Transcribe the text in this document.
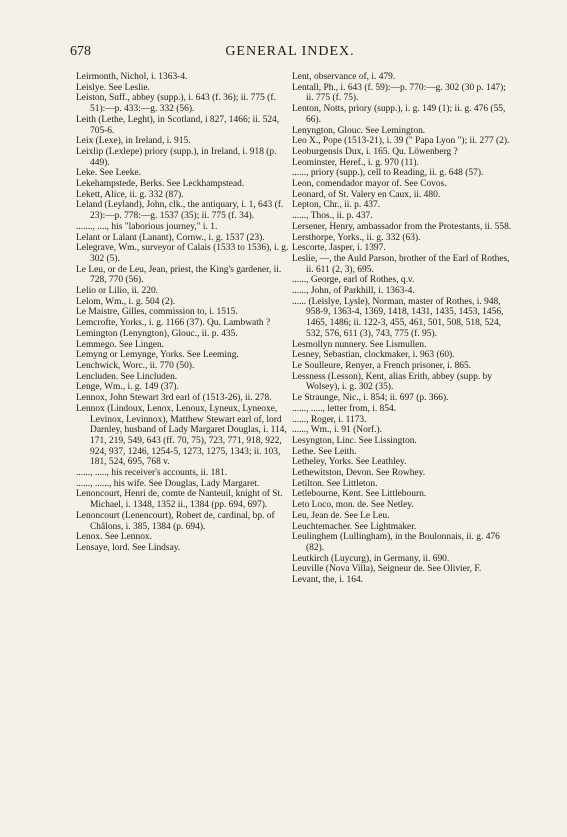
678	GENERAL INDEX.

Leirmonth, Nichol, i. 1363-4.

Leislye. See Leslie.

Leiston, Suff., abbey (supp.), i. 643 (f. 36); ii. 775 (f. 51):—p. 433:—g. 332 (56).

Leith (Lethe, Leght), in Scotland, i 827, 1466; ii. 524, 705-6.

Leix (Lexe), in Ireland, i. 915.

Leixlip (Lexlepe) priory (supp.), in Ireland, i. 918 (p. 449).

Leke. See Leeke.

Lekehampstede, Berks. See Leckhampstead.

Lekett, Alice, ii. g. 332 (87).

Leland (Leyland), John, clk., the antiquary, i. 1, 643 (f. 23):—p. 778:—g. 1537 (35); ii. 775 (f. 34).

......., ...., his "laborious journey," i. 1.

Lelant or Lalant (Lanant), Cornw., i. g. 1537 (23).

Lelegrave, Wm., surveyor of Calais (1533 to 1536), i. g. 302 (5).

Le Leu, or de Leu, Jean, priest, the King's gardener, ii. 728, 770 (56).

Lelio or Lilio, ii. 220.

Lelom, Wm., i. g. 504 (2).

Le Maistre, Gilles, commission to, i. 1515.

Lemcrofte, Yorks., i. g. 1166 (37). Qu. Lambwath ?

Lemington (Lenyngton), Glouc., ii. p. 435.

Lemmego. See Lingen.

Lemyng or Lemynge, Yorks. See Leeming.

Lenchwick, Worc., ii. 770 (50).

Lencluden. See Lincluden.

Lenge, Wm., i. g. 149 (37).

Lennox, John Stewart 3rd earl of (1513-26), ii. 278.

Lennox (Lindoux, Lenox, Lenoux, Lyneux, Lyneoxe, Levinox, Levinnox), Matthew Stewart earl of, lord Darnley, husband of Lady Margaret Douglas, i. 114, 171, 219, 549, 643 (ff. 70, 75), 723, 771, 918, 922, 924, 937, 1246, 1254-5, 1273, 1275, 1343; ii. 103, 181, 524, 695, 768 v.

......, ....., his receiver's accounts, ii. 181.

......, ......, his wife. See Douglas, Lady Margaret.

Lenoncourt, Henri de, comte de Nanteuil, knight of St. Michael, i. 1348, 1352 ii., 1384 (pp. 694, 697).

Lenoncourt (Lenencourt), Robert de, cardinal, bp. of Châlons, i. 385, 1384 (p. 694).

Lenox. See Lennox.

Lensaye, lord. See Lindsay.

Lent, observance of, i. 479.

Lentall, Ph., i. 643 (f. 59):—p. 770:—g. 302 (30 p. 147); ii. 775 (f. 75).

Lenton, Notts, priory (supp.), i. g. 149 (1); ii. g. 476 (55, 66).

Lenyngton, Glouc. See Lemington.

Leo X., Pope (1513-21), i. 39 (" Papa Lyon "); ii. 277 (2).

Leoburgensis Dux, i. 165. Qu. Löwenberg ?

Leominster, Heref., i. g. 970 (11).

......, priory (supp.), cell to Reading, ii. g. 648 (57).

Leon, comendador mayor of. See Covos.

Leonard, of St. Valery en Caux, ii. 480.

Lepton, Chr., ii. p. 437.

......, Thos., ii. p. 437.

Lersener, Henry, ambassador from the Protestants, ii. 558.

Lersthorpe, Yorks., ii. g. 332 (63).

Lescorte, Jasper, i. 1397.

Leslie, —, the Auld Parson, brother of the Earl of Rothes, ii. 611 (2, 3), 695.

......, George, earl of Rothes, q.v.

......, John, of Parkhill, i. 1363-4.

...... (Leislye, Lysle), Norman, master of Rothes, i. 948, 958-9, 1363-4, 1369, 1418, 1431, 1435, 1453, 1456, 1465, 1486; ii. 122-3, 455, 461, 501, 508, 518, 524, 532, 576, 611 (3), 743, 775 (f. 95).

Lesmollyn nunnery. See Lismullen.

Lesney, Sebastian, clockmaker, i. 963 (60).

Le Soulleure, Renyer, a French prisoner, i. 865.

Lessness (Lesson), Kent, alias Erith, abbey (supp. by Wolsey), i. g. 302 (35).

Le Straunge, Nic., i. 854; ii. 697 (p. 366).

......, ....., letter from, i. 854.

......, Roger, i. 1173.

......, Wm., i. 91 (Norf.).

Lesyngton, Linc. See Lissington.

Lethe. See Leith.

Letheley, Yorks. See Leathley.

Lethewitston, Devon. See Rowhey.

Letilton. See Littleton.

Letlebourne, Kent. See Littlebourn.

Leto Loco, mon. de. See Netley.

Leu, Jean de. See Le Leu.

Leuchtemacher. See Lightmaker.

Leulinghem (Lullingham), in the Boulonnais, ii. g. 476 (82).

Leutkirch (Luycurg), in Germany, ii. 690.

Leuville (Nova Villa), Seigneur de. See Olivier, F.

Levant, the, i. 164.
